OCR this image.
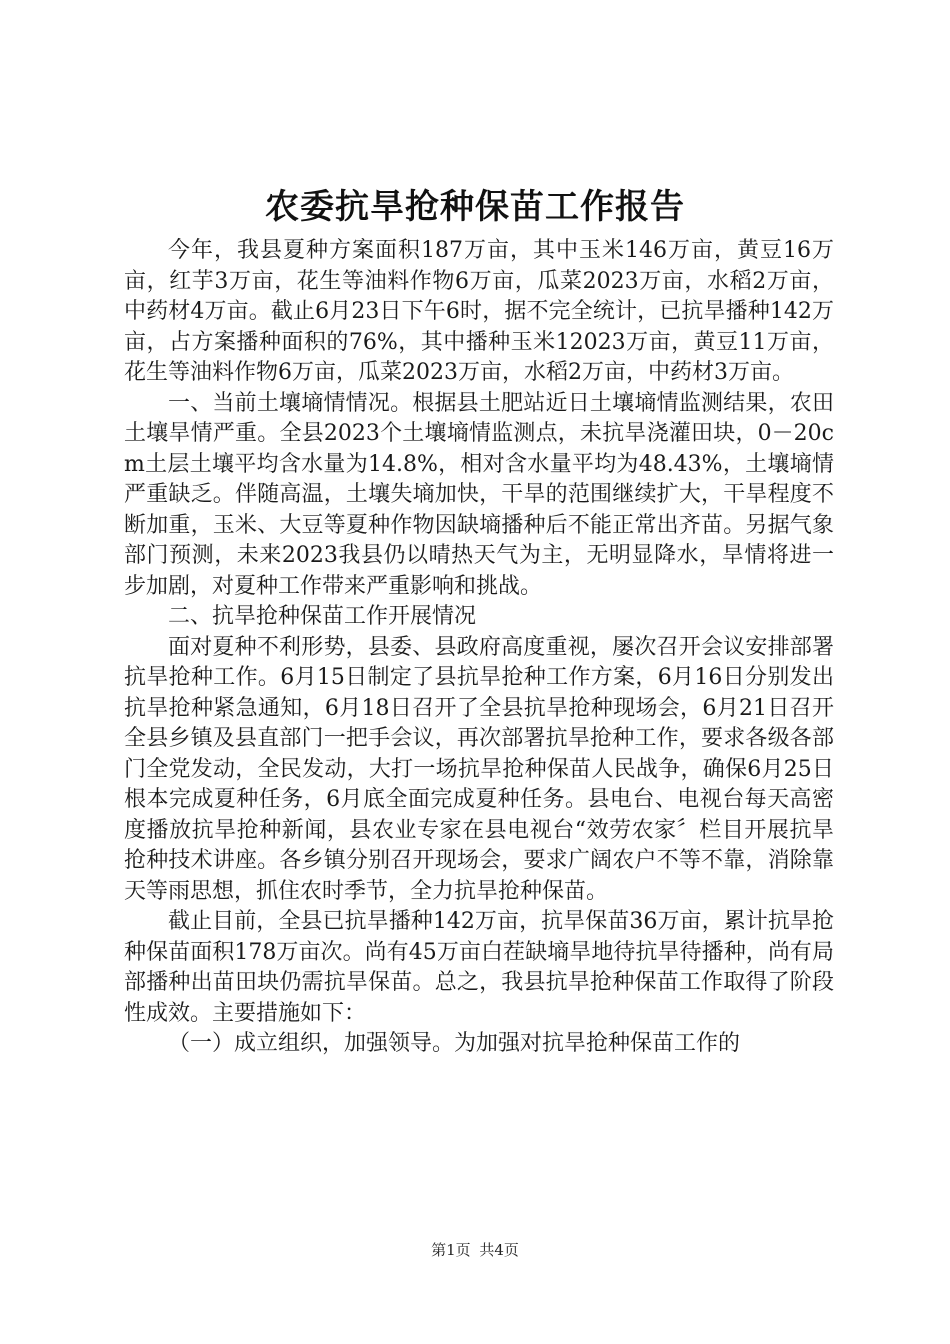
农委抗旱抢种保苗工作报告

今年，我县夏种方案面积187万亩，其中玉米146万亩，黄豆16万亩，红芋3万亩，花生等油料作物6万亩，瓜菜2023万亩，水稻2万亩，中药材4万亩。截止6月23日下午6时，据不完全统计，已抗旱播种142万亩，占方案播种面积的76%，其中播种玉米12023万亩，黄豆11万亩，花生等油料作物6万亩，瓜菜2023万亩，水稻2万亩，中药材3万亩。

一、当前土壤墒情情况。根据县土肥站近日土壤墒情监测结果，农田土壤旱情严重。全县2023个土壤墒情监测点，未抗旱浇灌田块，0－20cm土层土壤平均含水量为14.8%，相对含水量平均为48.43%，土壤墒情严重缺乏。伴随高温，土壤失墒加快，干旱的范围继续扩大，干旱程度不断加重，玉米、大豆等夏种作物因缺墒播种后不能正常出齐苗。另据气象部门预测，未来2023我县仍以晴热天气为主，无明显降水，旱情将进一步加剧，对夏种工作带来严重影响和挑战。

二、抗旱抢种保苗工作开展情况

面对夏种不利形势，县委、县政府高度重视，屡次召开会议安排部署抗旱抢种工作。6月15日制定了县抗旱抢种工作方案，6月16日分别发出抗旱抢种紧急通知，6月18日召开了全县抗旱抢种现场会，6月21日召开全县乡镇及县直部门一把手会议，再次部署抗旱抢种工作，要求各级各部门全党发动，全民发动，大打一场抗旱抢种保苗人民战争，确保6月25日根本完成夏种任务，6月底全面完成夏种任务。县电台、电视台每天高密度播放抗旱抢种新闻，县农业专家在县电视台“效劳农家〞栏目开展抗旱抢种技术讲座。各乡镇分别召开现场会，要求广阔农户不等不靠，消除靠天等雨思想，抓住农时季节，全力抗旱抢种保苗。

截止目前，全县已抗旱播种142万亩，抗旱保苗36万亩，累计抗旱抢种保苗面积178万亩次。尚有45万亩白茬缺墒旱地待抗旱待播种，尚有局部播种出苗田块仍需抗旱保苗。总之，我县抗旱抢种保苗工作取得了阶段性成效。主要措施如下：

（一）成立组织，加强领导。为加强对抗旱抢种保苗工作的

第1页 共4页
